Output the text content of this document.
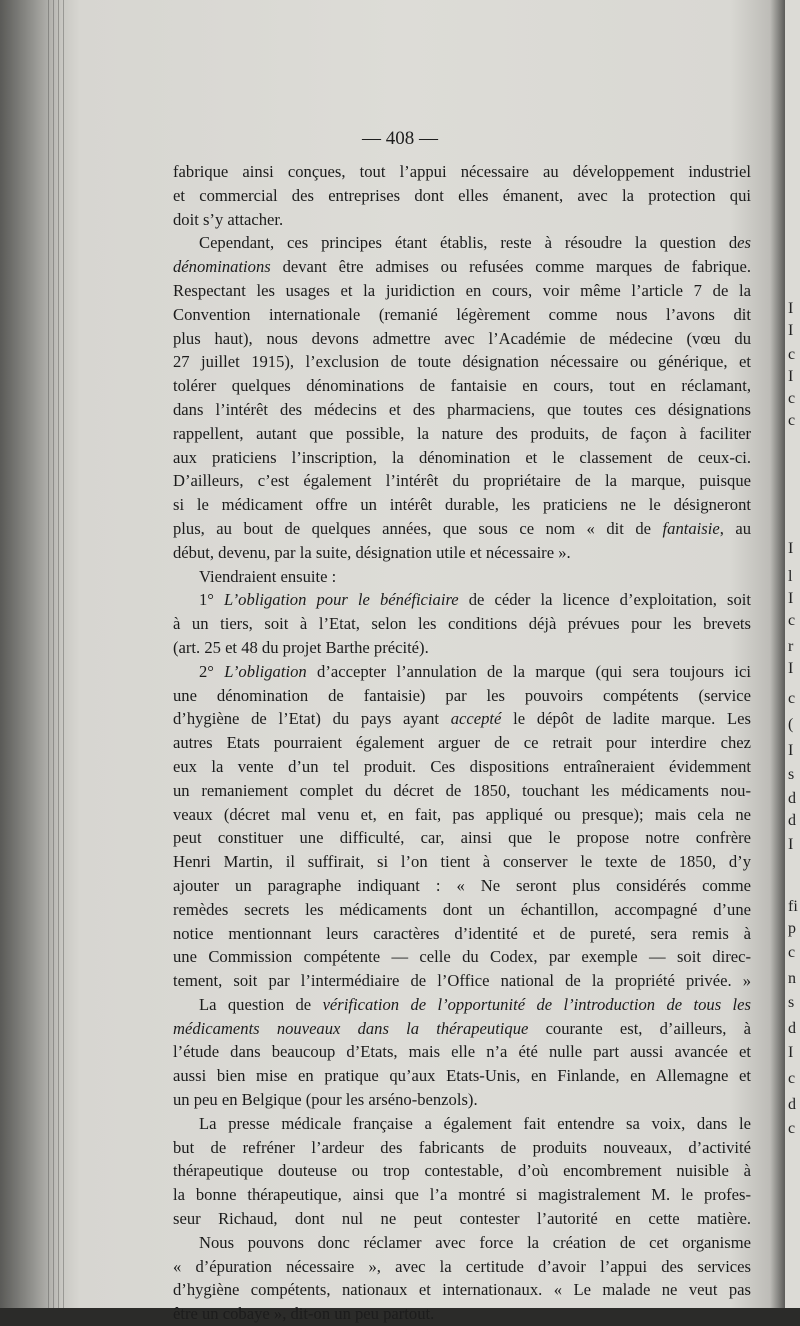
I
I
c
I
c
c
I
l
I
c
r
I
c
(
I
s
d
d
I
fi
p
c
n
s
d
I
c
d
c
— 408 —
fabrique ainsi conçues, tout l’appui nécessaire au développement industriel
et commercial des entreprises dont elles émanent, avec la protection qui
doit s’y attacher.
Cependant, ces principes étant établis, reste à résoudre la question des
dénominations devant être admises ou refusées comme marques de fabrique.
Respectant les usages et la juridiction en cours, voir même l’article 7 de la
Convention internationale (remanié légèrement comme nous l’avons dit
plus haut), nous devons admettre avec l’Académie de médecine (vœu du
27 juillet 1915), l’exclusion de toute désignation nécessaire ou générique, et
tolérer quelques dénominations de fantaisie en cours, tout en réclamant,
dans l’intérêt des médecins et des pharmaciens, que toutes ces désignations
rappellent, autant que possible, la nature des produits, de façon à faciliter
aux praticiens l’inscription, la dénomination et le classement de ceux-ci.
D’ailleurs, c’est également l’intérêt du propriétaire de la marque, puisque
si le médicament offre un intérêt durable, les praticiens ne le désigneront
plus, au bout de quelques années, que sous ce nom « dit de fantaisie, au
début, devenu, par la suite, désignation utile et nécessaire ».
Viendraient ensuite :
1° L’obligation pour le bénéficiaire de céder la licence d’exploitation, soit
à un tiers, soit à l’Etat, selon les conditions déjà prévues pour les brevets
(art. 25 et 48 du projet Barthe précité).
2° L’obligation d’accepter l’annulation de la marque (qui sera toujours ici
une dénomination de fantaisie) par les pouvoirs compétents (service
d’hygiène de l’Etat) du pays ayant accepté le dépôt de ladite marque. Les
autres Etats pourraient également arguer de ce retrait pour interdire chez
eux la vente d’un tel produit. Ces dispositions entraîneraient évidemment
un remaniement complet du décret de 1850, touchant les médicaments nou-
veaux (décret mal venu et, en fait, pas appliqué ou presque); mais cela ne
peut constituer une difficulté, car, ainsi que le propose notre confrère
Henri Martin, il suffirait, si l’on tient à conserver le texte de 1850, d’y
ajouter un paragraphe indiquant : « Ne seront plus considérés comme
remèdes secrets les médicaments dont un échantillon, accompagné d’une
notice mentionnant leurs caractères d’identité et de pureté, sera remis à
une Commission compétente — celle du Codex, par exemple — soit direc-
tement, soit par l’intermédiaire de l’Office national de la propriété privée. »
La question de vérification de l’opportunité de l’introduction de tous les
médicaments nouveaux dans la thérapeutique courante est, d’ailleurs, à
l’étude dans beaucoup d’Etats, mais elle n’a été nulle part aussi avancée et
aussi bien mise en pratique qu’aux Etats-Unis, en Finlande, en Allemagne et
un peu en Belgique (pour les arséno-benzols).
La presse médicale française a également fait entendre sa voix, dans le
but de refréner l’ardeur des fabricants de produits nouveaux, d’activité
thérapeutique douteuse ou trop contestable, d’où encombrement nuisible à
la bonne thérapeutique, ainsi que l’a montré si magistralement M. le profes-
seur Richaud, dont nul ne peut contester l’autorité en cette matière.
Nous pouvons donc réclamer avec force la création de cet organisme
« d’épuration nécessaire », avec la certitude d’avoir l’appui des services
d’hygiène compétents, nationaux et internationaux. « Le malade ne veut pas
être un cobaye », dit-on un peu partout.
